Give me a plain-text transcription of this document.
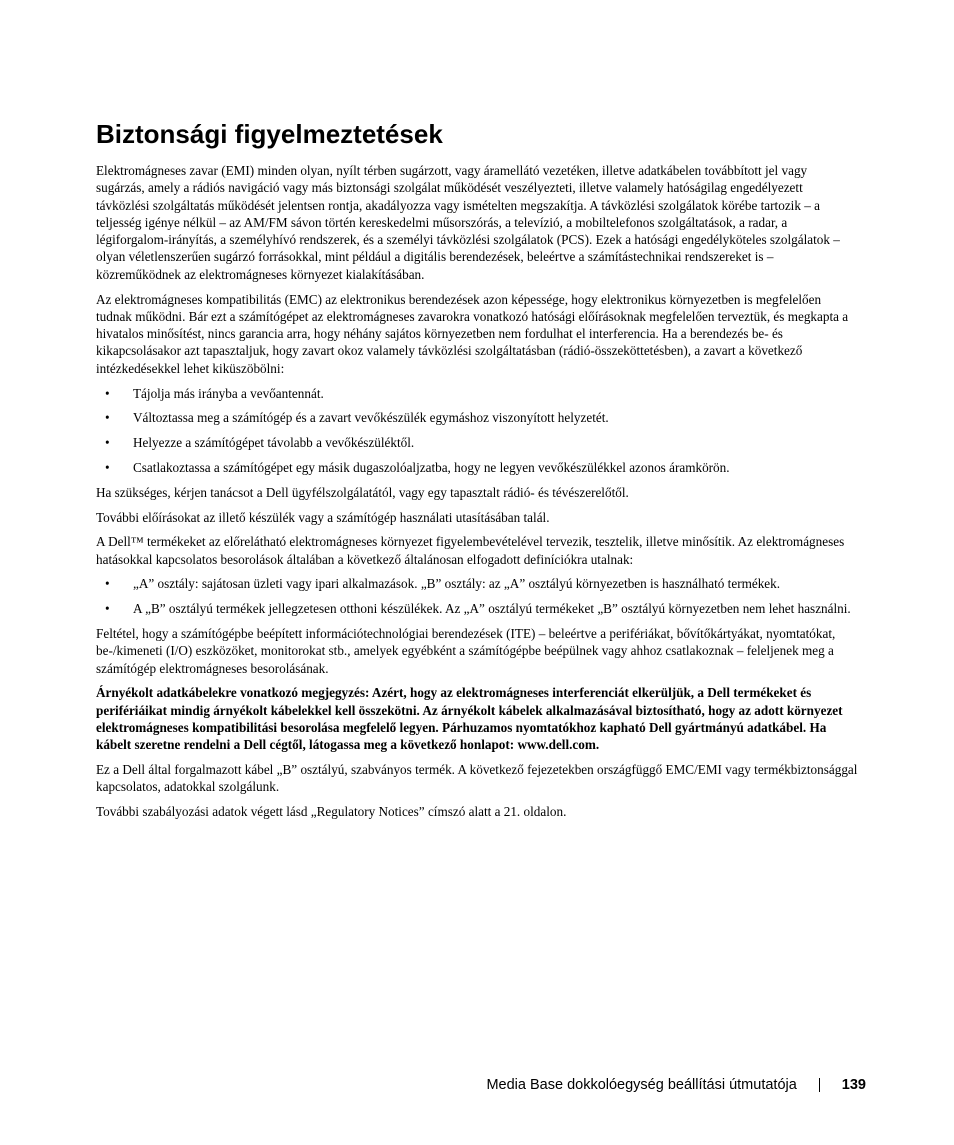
Biztonsági figyelmeztetések

Elektromágneses zavar (EMI) minden olyan, nyílt térben sugárzott, vagy áramellátó vezetéken, illetve adatkábelen továbbított jel vagy sugárzás, amely a rádiós navigáció vagy más biztonsági szolgálat működését veszélyezteti, illetve valamely hatóságilag engedélyezett távközlési szolgáltatás működését jelentsen rontja, akadályozza vagy ismételten megszakítja. A távközlési szolgálatok körébe tartozik – a teljesség igénye nélkül – az AM/FM sávon történ kereskedelmi műsorszórás, a televízió, a mobiltelefonos szolgáltatások, a radar, a légiforgalom-irányítás, a személyhívó rendszerek, és a személyi távközlési szolgálatok (PCS). Ezek a hatósági engedélyköteles szolgálatok – olyan véletlenszerűen sugárzó forrásokkal, mint például a digitális berendezések, beleértve a számítástechnikai rendszereket is – közreműködnek az elektromágneses környezet kialakításában.

Az elektromágneses kompatibilitás (EMC) az elektronikus berendezések azon képessége, hogy elektronikus környezetben is megfelelően tudnak működni. Bár ezt a számítógépet az elektromágneses zavarokra vonatkozó hatósági előírásoknak megfelelően terveztük, és megkapta a hivatalos minősítést, nincs garancia arra, hogy néhány sajátos környezetben nem fordulhat el interferencia. Ha a berendezés be- és kikapcsolásakor azt tapasztaljuk, hogy zavart okoz valamely távközlési szolgáltatásban (rádió-összeköttetésben), a zavart a következő intézkedésekkel lehet kiküszöbölni:

• Tájolja más irányba a vevőantennát.
• Változtassa meg a számítógép és a zavart vevőkészülék egymáshoz viszonyított helyzetét.
• Helyezze a számítógépet távolabb a vevőkészüléktől.
• Csatlakoztassa a számítógépet egy másik dugaszolóaljzatba, hogy ne legyen vevőkészülékkel azonos áramkörön.

Ha szükséges, kérjen tanácsot a Dell ügyfélszolgálatától, vagy egy tapasztalt rádió- és tévészerelőtől.

További előírásokat az illető készülék vagy a számítógép használati utasításában talál.

A Dell™ termékeket az előrelátható elektromágneses környezet figyelembevételével tervezik, tesztelik, illetve minősítik. Az elektromágneses hatásokkal kapcsolatos besorolások általában a következő általánosan elfogadott definíciókra utalnak:

• „A” osztály: sajátosan üzleti vagy ipari alkalmazások. „B” osztály: az „A” osztályú környezetben is használható termékek.
• A „B” osztályú termékek jellegzetesen otthoni készülékek. Az „A” osztályú termékeket „B” osztályú környezetben nem lehet használni.

Feltétel, hogy a számítógépbe beépített információtechnológiai berendezések (ITE) – beleértve a perifériákat, bővítőkártyákat, nyomtatókat, be-/kimeneti (I/O) eszközöket, monitorokat stb., amelyek egyébként a számítógépbe beépülnek vagy ahhoz csatlakoznak – feleljenek meg a számítógép elektromágneses besorolásának.

Árnyékolt adatkábelekre vonatkozó megjegyzés: Azért, hogy az elektromágneses interferenciát elkerüljük, a Dell termékeket és perifériáikat mindig árnyékolt kábelekkel kell összekötni. Az árnyékolt kábelek alkalmazásával biztosítható, hogy az adott környezet elektromágneses kompatibilitási besorolása megfelelő legyen. Párhuzamos nyomtatókhoz kapható Dell gyártmányú adatkábel. Ha kábelt szeretne rendelni a Dell cégtől, látogassa meg a következő honlapot: www.dell.com.

Ez a Dell által forgalmazott kábel „B” osztályú, szabványos termék. A következő fejezetekben országfüggő EMC/EMI vagy termékbiztonsággal kapcsolatos, adatokkal szolgálunk.

További szabályozási adatok végett lásd „Regulatory Notices” címszó alatt a 21. oldalon.

Media Base dokkolóegység beállítási útmutatója	139
